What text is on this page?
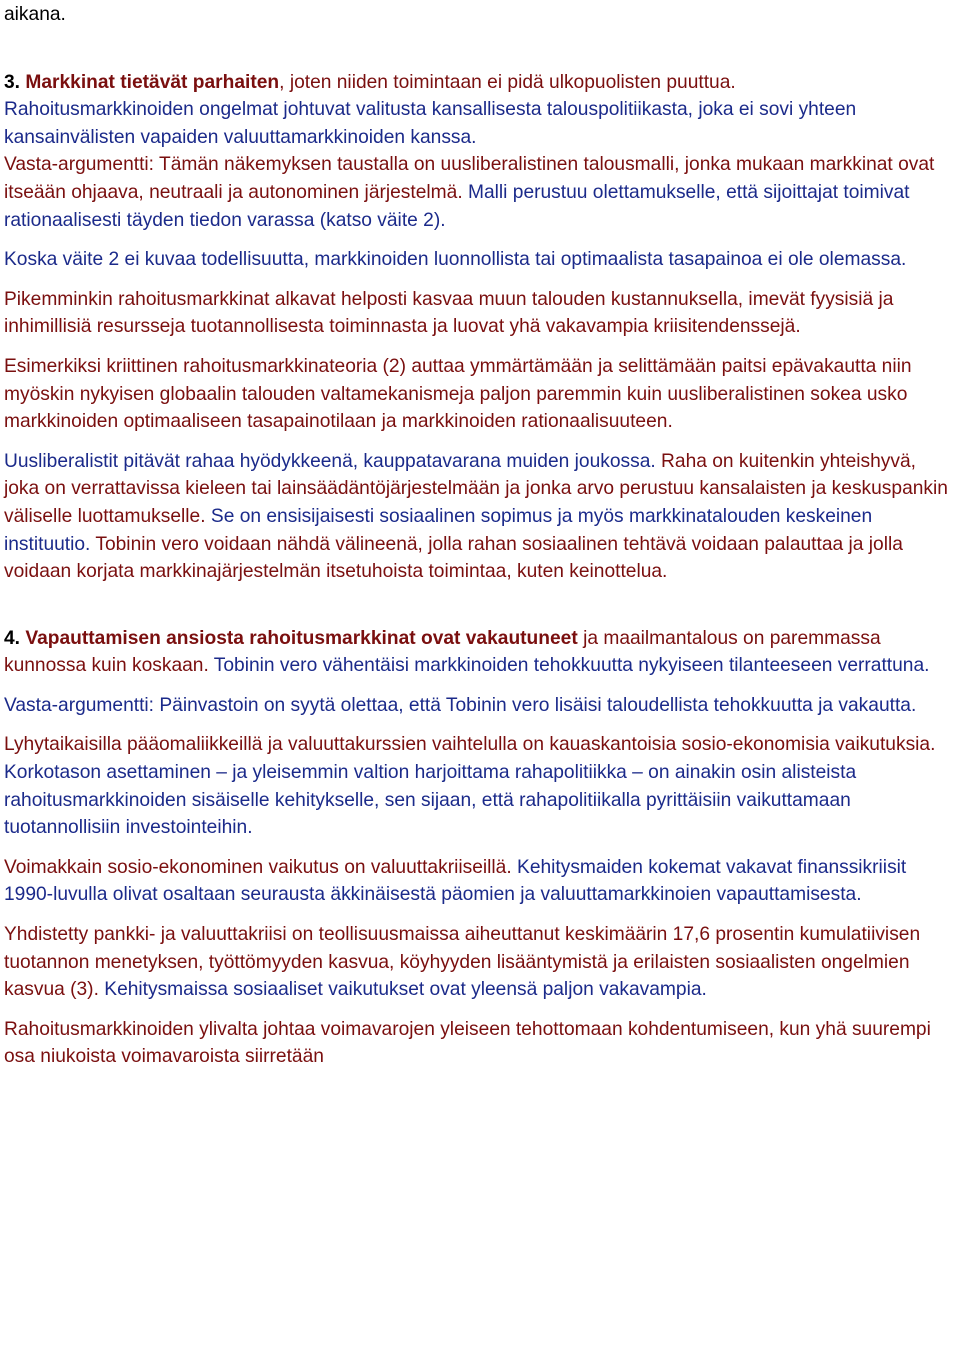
aikana.

3. Markkinat tietävät parhaiten, joten niiden toimintaan ei pidä ulkopuolisten puuttua.
Rahoitusmarkkinoiden ongelmat johtuvat valitusta kansallisesta talouspolitiikasta, joka ei sovi yhteen kansainvälisten vapaiden valuuttamarkkinoiden kanssa.
Vasta-argumentti: Tämän näkemyksen taustalla on uusliberalistinen talousmalli, jonka mukaan markkinat ovat itseään ohjaava, neutraali ja autonominen järjestelmä. Malli perustuu olettamukselle, että sijoittajat toimivat rationaalisesti täyden tiedon varassa (katso väite 2).

Koska väite 2 ei kuvaa todellisuutta, markkinoiden luonnollista tai optimaalista tasapainoa ei ole olemassa.

Pikemminkin rahoitusmarkkinat alkavat helposti kasvaa muun talouden kustannuksella, imevät fyysisiä ja inhimillisiä resursseja tuotannollisesta toiminnasta ja luovat yhä vakavampia kriisitendenssejä.

Esimerkiksi kriittinen rahoitusmarkkinateoria (2) auttaa ymmärtämään ja selittämään paitsi epävakautta niin myöskin nykyisen globaalin talouden valtamekanismeja paljon paremmin kuin uusliberalistinen sokea usko markkinoiden optimaaliseen tasapainotilaan ja markkinoiden rationaalisuuteen.

Uusliberalistit pitävät rahaa hyödykkeenä, kauppatavarana muiden joukossa. Raha on kuitenkin yhteishyvä, joka on verrattavissa kieleen tai lainsäädäntöjärjestelmään ja jonka arvo perustuu kansalaisten ja keskuspankin väliselle luottamukselle. Se on ensisijaisesti sosiaalinen sopimus ja myös markkinatalouden keskeinen instituutio. Tobinin vero voidaan nähdä välineenä, jolla rahan sosiaalinen tehtävä voidaan palauttaa ja jolla voidaan korjata markkinajärjestelmän itsetuhoista toimintaa, kuten keinottelua.

4. Vapauttamisen ansiosta rahoitusmarkkinat ovat vakautuneet ja maailmantalous on paremmassa kunnossa kuin koskaan. Tobinin vero vähentäisi markkinoiden tehokkuutta nykyiseen tilanteeseen verrattuna.

Vasta-argumentti: Päinvastoin on syytä olettaa, että Tobinin vero lisäisi taloudellista tehokkuutta ja vakautta.

Lyhytaikaisilla pääomaliikkeillä ja valuuttakurssien vaihtelulla on kauaskantoisia sosio-ekonomisia vaikutuksia. Korkotason asettaminen – ja yleisemmin valtion harjoittama rahapolitiikka – on ainakin osin alisteista rahoitusmarkkinoiden sisäiselle kehitykselle, sen sijaan, että rahapolitiikalla pyrittäisiin vaikuttamaan tuotannollisiin investointeihin.

Voimakkain sosio-ekonominen vaikutus on valuuttakriiseillä. Kehitysmaiden kokemat vakavat finanssikriisit 1990-luvulla olivat osaltaan seurausta äkkinäisestä päomien ja valuuttamarkkinoien vapauttamisesta.

Yhdistetty pankki- ja valuuttakriisi on teollisuusmaissa aiheuttanut keskimäärin 17,6 prosentin kumulatiivisen tuotannon menetyksen, työttömyyden kasvua, köyhyyden lisääntymistä ja erilaisten sosiaalisten ongelmien kasvua (3). Kehitysmaissa sosiaaliset vaikutukset ovat yleensä paljon vakavampia.

Rahoitusmarkkinoiden ylivalta johtaa voimavarojen yleiseen tehottomaan kohdentumiseen, kun yhä suurempi osa niukoista voimavaroista siirretään
